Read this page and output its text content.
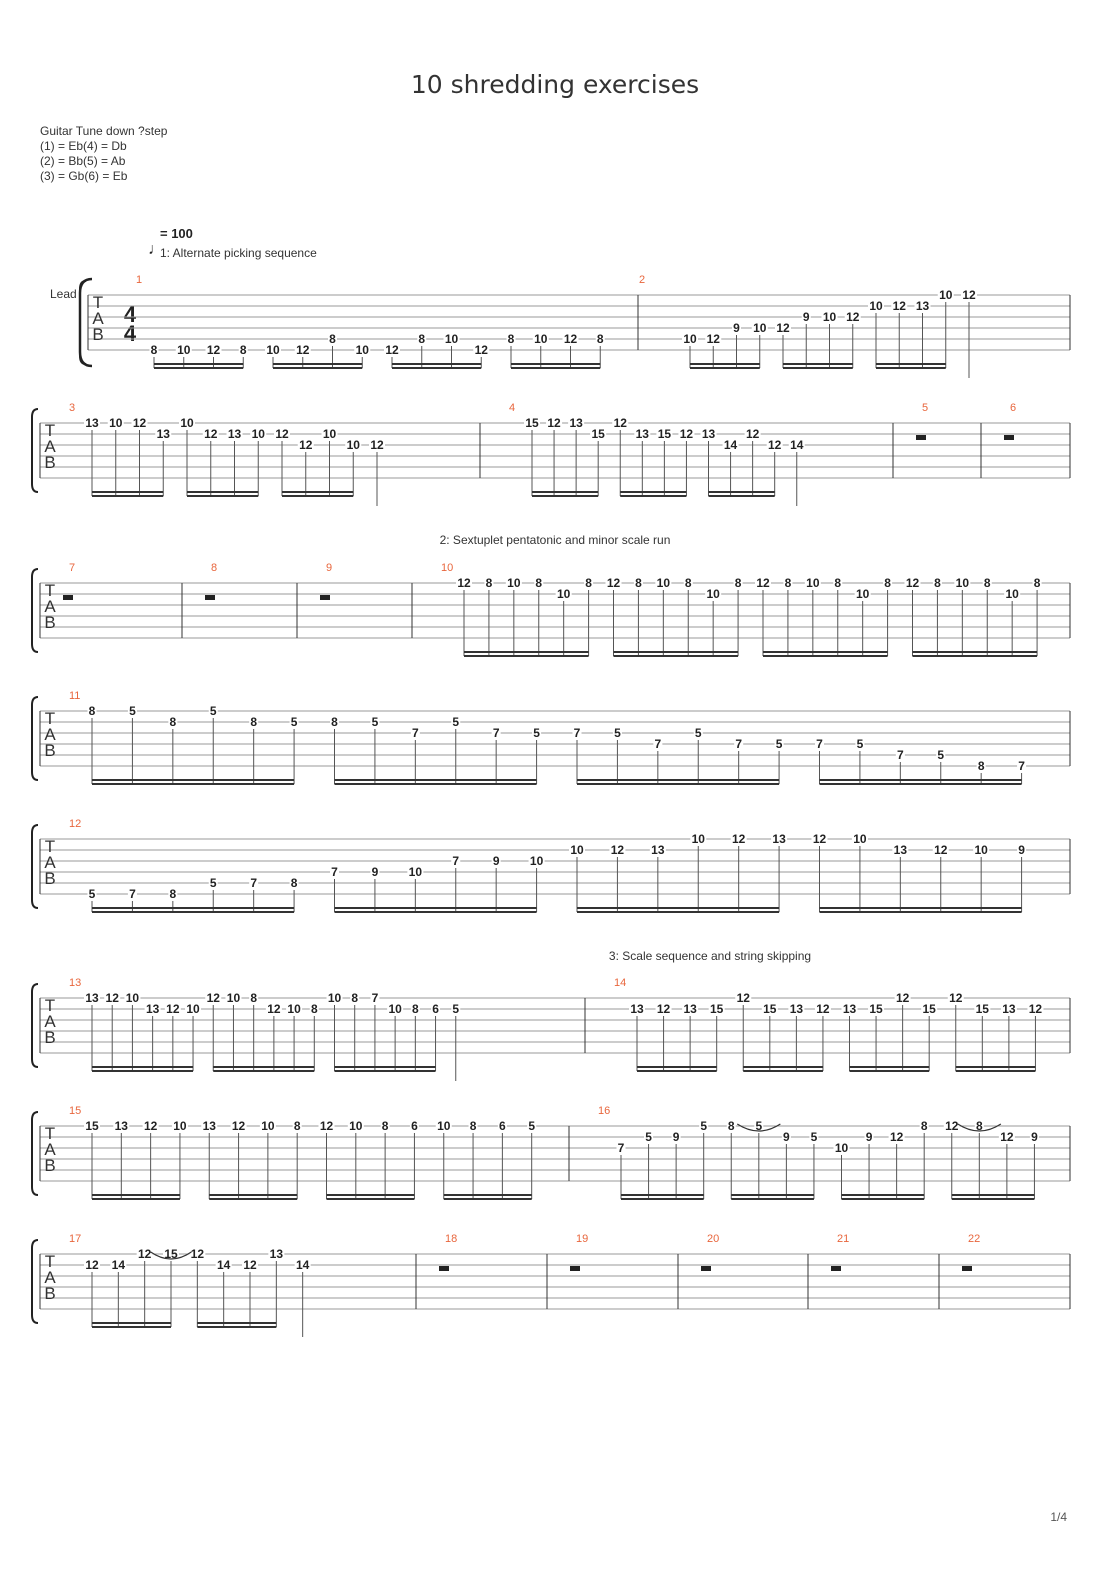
10 shredding exercises
Guitar Tune down ?step
(1) = Eb(4) = Db
(2) = Bb(5) = Ab
(3) = Gb(6) = Eb
1/4
♩
= 100
Lead
4
4
1: Alternate picking sequence
2: Sextuplet pentatonic and minor scale run
3: Scale sequence and string skipping
T
A
B
1
8 10 12 8 10 12
8
10 12
8 10
12
8 10 12 8
2
10 12
9 10 12
9 10 12
10 12 13
10 12
T
A
B
3
13 10 12
13
10
12 13 10 12
12
10
10 12
4
15 12 13
15
12
13 15 12 13
14
12
12 14
5	6
T
A
B
7	8	9	10
12 8 10 8
10
8 12 8 10 8
10
8 12 8 10 8
10
8 12 8 10 8
10
8
T
A
B
11
8	5
8
5
8	5	8	5
7
5
7	5	7	5
7
5
7	5	7	5
7	5
8	7
T
A
B
12
5	7	8
5	7	8
7	9	10
7	9	10
10 12 13
10 12 13 12 10
13 12 10	9
T
A
B
13
13 12 10
13 12 10
12 10 8
12 10 8
10 8 7
10 8 6 5
14
13 12 13 15
12
15 13 12 13 15
12
15
12
15 13 12
T
A
B
15
15 13 12 10 13 12 10 8 12 10 8 6 10 8 6 5
16
7
5 9
5 8 5
9 5
10
9 12
8 12 8
12 9
T
A
B
17
12 14
12 15 12
14 12
13
14
18	19	20	21	22
